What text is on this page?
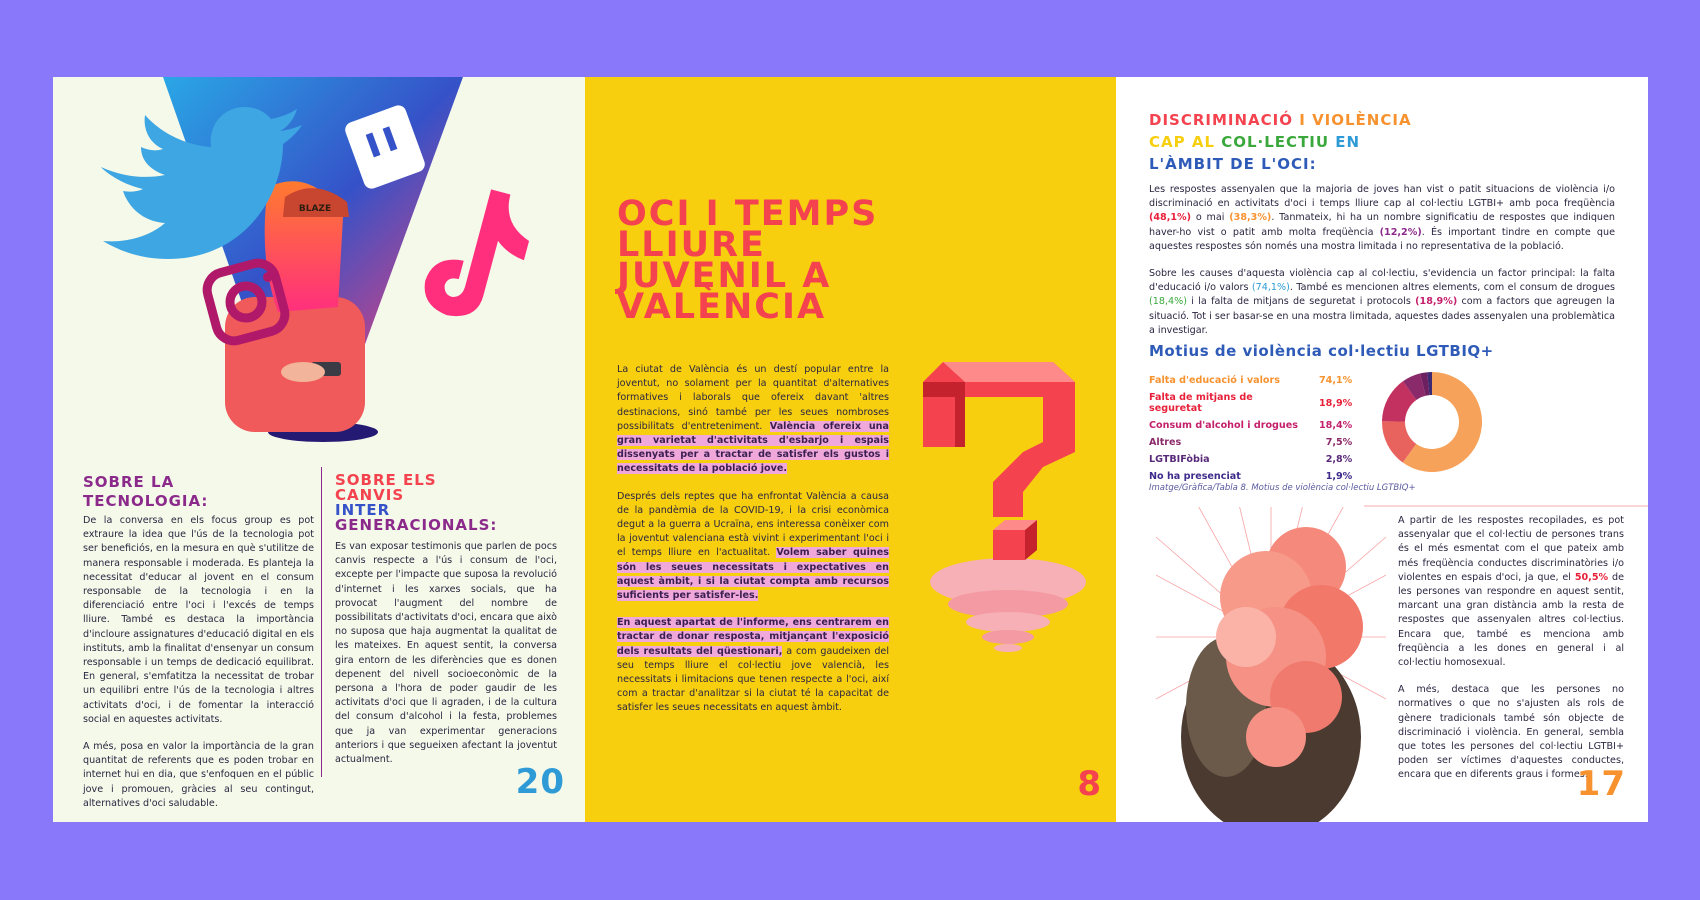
BLAZE
SOBRE LA
TECNOLOGIA:

De la conversa en els focus group es pot extraure la idea que l'ús de la tecnologia pot ser beneficiós, en la mesura en què s'utilitze de manera responsable i moderada. Es planteja la necessitat d'educar al jovent en el consum responsable de la tecnologia i en la diferenciació entre l'oci i l'excés de temps lliure. També es destaca la importància d'incloure assignatures d'educació digital en els instituts, amb la finalitat d'ensenyar un consum responsable i un temps de dedicació equilibrat. En general, s'emfatitza la necessitat de trobar un equilibri entre l'ús de la tecnologia i altres activitats d'oci, i de fomentar la interacció social en aquestes activitats.

A més, posa en valor la importància de la gran quantitat de referents que es poden trobar en internet hui en dia, que s'enfoquen en el públic jove i promouen, gràcies al seu contingut, alternatives d'oci saludable.

SOBRE ELS
CANVIS
INTER
GENERACIONALS:

Es van exposar testimonis que parlen de pocs canvis respecte a l'ús i consum de l'oci, excepte per l'impacte que suposa la revolució d'internet i les xarxes socials, que ha provocat l'augment del nombre de possibilitats d'activitats d'oci, encara que això no suposa que haja augmentat la qualitat de les mateixes. En aquest sentit, la conversa gira entorn de les diferències que es donen depenent del nivell socioeconòmic de la persona a l'hora de poder gaudir de les activitats d'oci que li agraden, i de la cultura del consum d'alcohol i la festa, problemes que ja van experimentar generacions anteriors i que segueixen afectant la joventut actualment.

20
OCI I TEMPS
LLIURE
JUVENIL A
VALÈNCIA

La ciutat de València és un destí popular entre la joventut, no solament per la quantitat d'alternatives formatives i laborals que ofereix davant 'altres destinacions, sinó també per les seues nombroses possibilitats d'entreteniment. València ofereix una gran varietat d'activitats d'esbarjo i espais dissenyats per a tractar de satisfer els gustos i necessitats de la població jove.

Després dels reptes que ha enfrontat València a causa de la pandèmia de la COVID-19, i la crisi econòmica degut a la guerra a Ucraïna, ens interessa conèixer com la joventut valenciana està vivint i experimentant l'oci i el temps lliure en l'actualitat. Volem saber quines són les seues necessitats i expectatives en aquest àmbit, i si la ciutat compta amb recursos suficients per satisfer-les.

En aquest apartat de l'informe, ens centrarem en tractar de donar resposta, mitjançant l'exposició dels resultats del qüestionari, a com gaudeixen del seu temps lliure el col·lectiu jove valencià, les necessitats i limitacions que tenen respecte a l'oci, així com a tractar d'analitzar si la ciutat té la capacitat de satisfer les seues necessitats en aquest àmbit.

8
DISCRIMINACIÓ I VIOLÈNCIA
CAP AL COL·LECTIU EN
L'ÀMBIT DE L'OCI:

Les respostes assenyalen que la majoria de joves han vist o patit situacions de violència i/o discriminació en activitats d'oci i temps lliure cap al col·lectiu LGTBI+ amb poca freqüència (48,1%) o mai (38,3%). Tanmateix, hi ha un nombre significatiu de respostes que indiquen haver-ho vist o patit amb molta freqüència (12,2%). És important tindre en compte que aquestes respostes són només una mostra limitada i no representativa de la població.

Sobre les causes d'aquesta violència cap al col·lectiu, s'evidencia un factor principal: la falta d'educació i/o valors (74,1%). També es mencionen altres elements, com el consum de drogues (18,4%) i la falta de mitjans de seguretat i protocols (18,9%) com a factors que agreugen la situació. Tot i ser basar-se en una mostra limitada, aquestes dades assenyalen una problemàtica a investigar.

Motius de violència col·lectiu LGTBIQ+
Falta d'educació i valors	74,1%
Falta de mitjans de seguretat	18,9%
Consum d'alcohol i drogues	18,4%
Altres	7,5%
LGTBIFòbia	2,8%
No ha presenciat	1,9%
Imatge/Gràfica/Tabla 8. Motius de violència col·lectiu LGTBIQ+

A partir de les respostes recopilades, es pot assenyalar que el col·lectiu de persones trans és el més esmentat com el que pateix amb més freqüència conductes discriminatòries i/o violentes en espais d'oci, ja que, el 50,5% de les persones van respondre en aquest sentit, marcant una gran distància amb la resta de respostes que assenyalen altres col·lectius. Encara que, també es menciona amb freqüència a les dones en general i al col·lectiu homosexual.

A més, destaca que les persones no normatives o que no s'ajusten als rols de gènere tradicionals també són objecte de discriminació i violència. En general, sembla que totes les persones del col·lectiu LGTBI+ poden ser víctimes d'aquestes conductes, encara que en diferents graus i formes.

17
